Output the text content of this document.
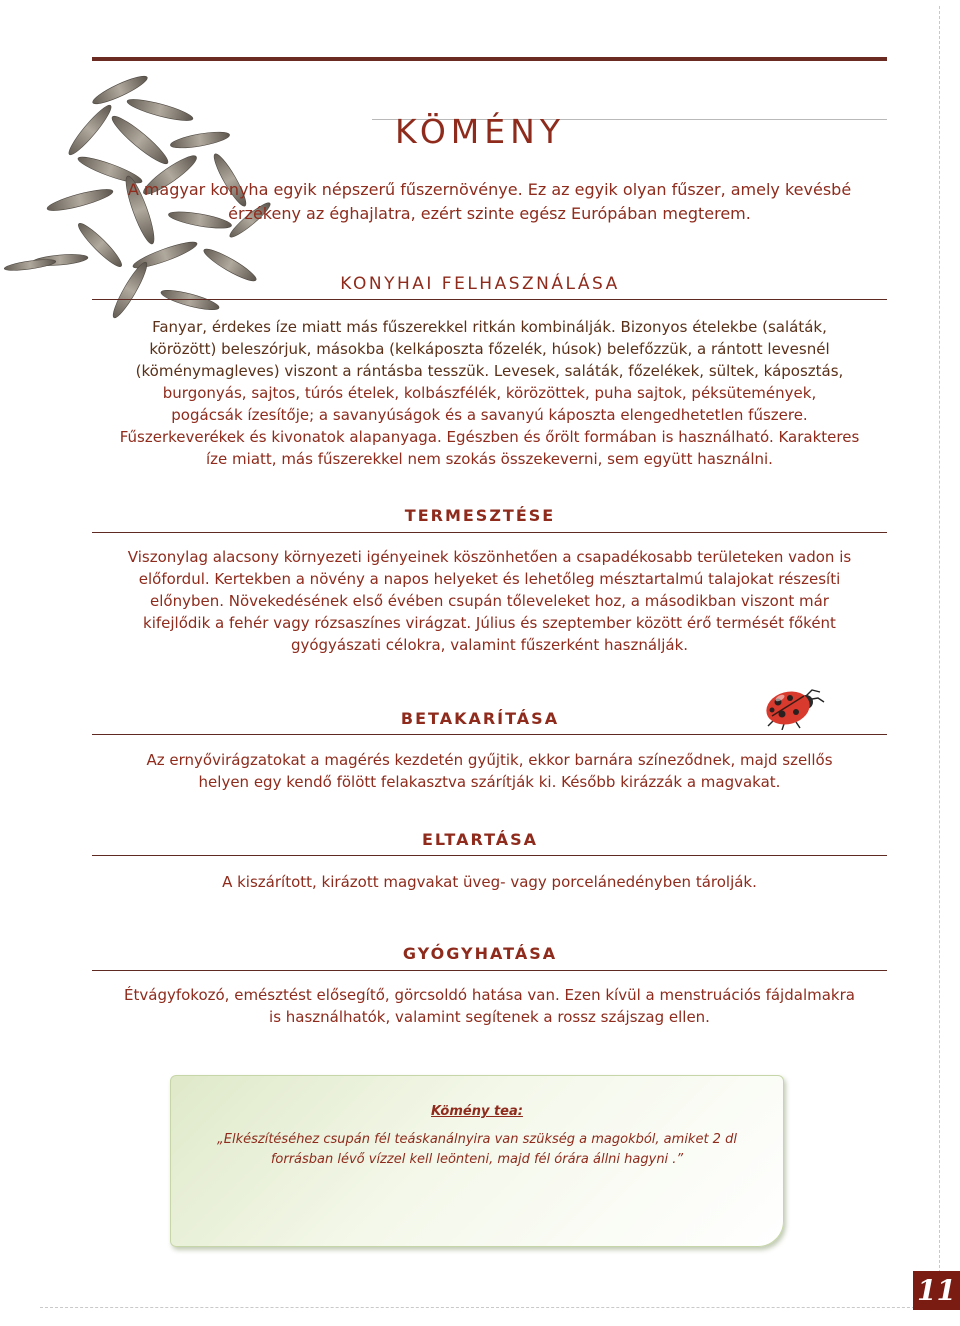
KÖMÉNY
A magyar konyha egyik népszerű fűszernövénye. Ez az egyik olyan fűszer, amely kevésbé
érzékeny az éghajlatra, ezért szinte egész Európában megterem.
KONYHAI FELHASZNÁLÁSA
Fanyar, érdekes íze miatt más fűszerekkel ritkán kombinálják. Bizonyos ételekbe (saláták,
körözött) beleszórjuk, másokba (kelkáposzta főzelék, húsok) belefőzzük, a rántott levesnél
(köménymagleves) viszont a rántásba tesszük. Levesek, saláták, főzelékek, sültek, káposztás,
burgonyás, sajtos, túrós ételek, kolbászfélék, körözöttek, puha sajtok, péksütemények,
pogácsák ízesítője; a savanyúságok és a savanyú káposzta elengedhetetlen fűszere.
Fűszerkeverékek és kivonatok alapanyaga. Egészben és őrölt formában is használható. Karakteres
íze miatt, más fűszerekkel nem szokás összekeverni, sem együtt használni.
TERMESZTÉSE
Viszonylag alacsony környezeti igényeinek köszönhetően a csapadékosabb területeken vadon is
előfordul. Kertekben a növény a napos helyeket és lehetőleg mésztartalmú talajokat részesíti
előnyben. Növekedésének első évében csupán tőleveleket hoz, a másodikban viszont már
kifejlődik a fehér vagy rózsaszínes virágzat. Július és szeptember között érő termését főként
gyógyászati célokra, valamint fűszerként használják.
BETAKARÍTÁSA
Az ernyővirágzatokat a magérés kezdetén gyűjtik, ekkor barnára színeződnek, majd szellős
helyen egy kendő fölött felakasztva szárítják ki. Később kirázzák a magvakat.
ELTARTÁSA
A kiszárított, kirázott magvakat üveg- vagy porcelánedényben tárolják.
GYÓGYHATÁSA
Étvágyfokozó, emésztést elősegítő, görcsoldó hatása van. Ezen kívül a menstruációs fájdalmakra
is használhatók, valamint segítenek a rossz szájszag ellen.
Kömény tea:
„Elkészítéséhez csupán fél teáskanálnyira van szükség a magokból, amiket 2 dl
forrásban lévő vízzel kell leönteni, majd fél órára állni hagyni .”
11
